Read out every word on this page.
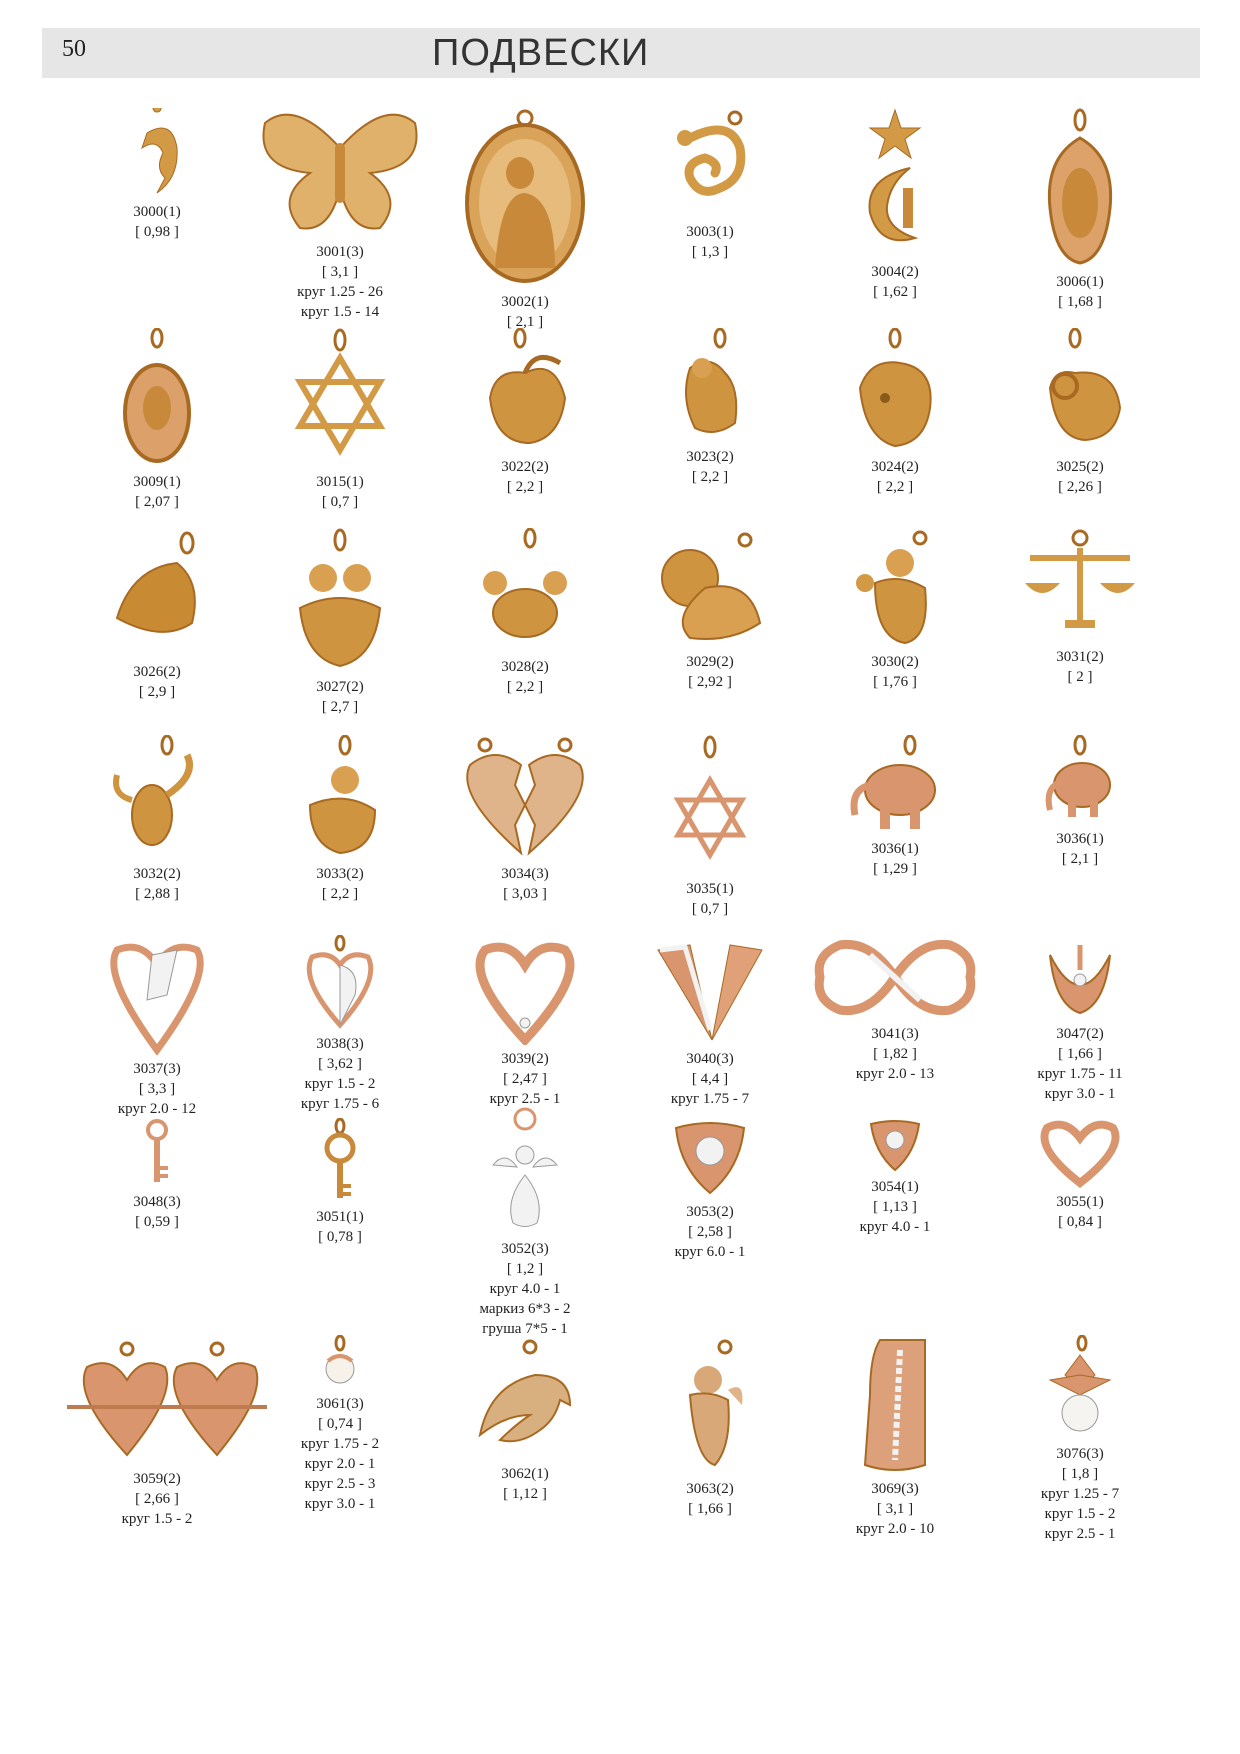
50	ПОДВЕСКИ
3000(1)
[ 0,98 ]
3001(3)
[ 3,1 ]
круг 1.25 - 26
круг 1.5 - 14
3002(1)
[ 2,1 ]
3003(1)
[ 1,3 ]
3004(2)
[ 1,62 ]
3006(1)
[ 1,68 ]
3009(1)
[ 2,07 ]
3015(1)
[ 0,7 ]
3022(2)
[ 2,2 ]
3023(2)
[ 2,2 ]
3024(2)
[ 2,2 ]
3025(2)
[ 2,26 ]
3026(2)
[ 2,9 ]	3027(2)
[ 2,7 ]
3028(2)
[ 2,2 ]
3029(2)
[ 2,92 ]
3030(2)
[ 1,76 ]
3031(2)
[ 2 ]
3032(2)
[ 2,88 ]
3033(2)
[ 2,2 ]
3034(3)
[ 3,03 ]	3035(1)
[ 0,7 ]
3036(1)
[ 1,29 ]
3036(1)
[ 2,1 ]
3037(3)
[ 3,3 ]
круг 2.0 - 12
3038(3)
[ 3,62 ]
круг 1.5 - 2
круг 1.75 - 6
3039(2)
[ 2,47 ]
круг 2.5 - 1
3040(3)
[ 4,4 ]
круг 1.75 - 7
3041(3)
[ 1,82 ]
круг 2.0 - 13
3047(2)
[ 1,66 ]
круг 1.75 - 11
круг 3.0 - 1
3048(3)
[ 0,59 ]	3051(1)
[ 0,78 ]
3052(3)
[ 1,2 ]
круг 4.0 - 1
маркиз 6*3 - 2
груша 7*5 - 1
3053(2)
[ 2,58 ]
круг 6.0 - 1
3054(1)
[ 1,13 ]
круг 4.0 - 1
3055(1)
[ 0,84 ]
3059(2)
[ 2,66 ]
круг 1.5 - 2
3061(3)
[ 0,74 ]
круг 1.75 - 2
круг 2.0 - 1
круг 2.5 - 3
круг 3.0 - 1
3062(1)
[ 1,12 ]	3063(2)
[ 1,66 ]
3069(3)
[ 3,1 ]
круг 2.0 - 10
3076(3)
[ 1,8 ]
круг 1.25 - 7
круг 1.5 - 2
круг 2.5 - 1
